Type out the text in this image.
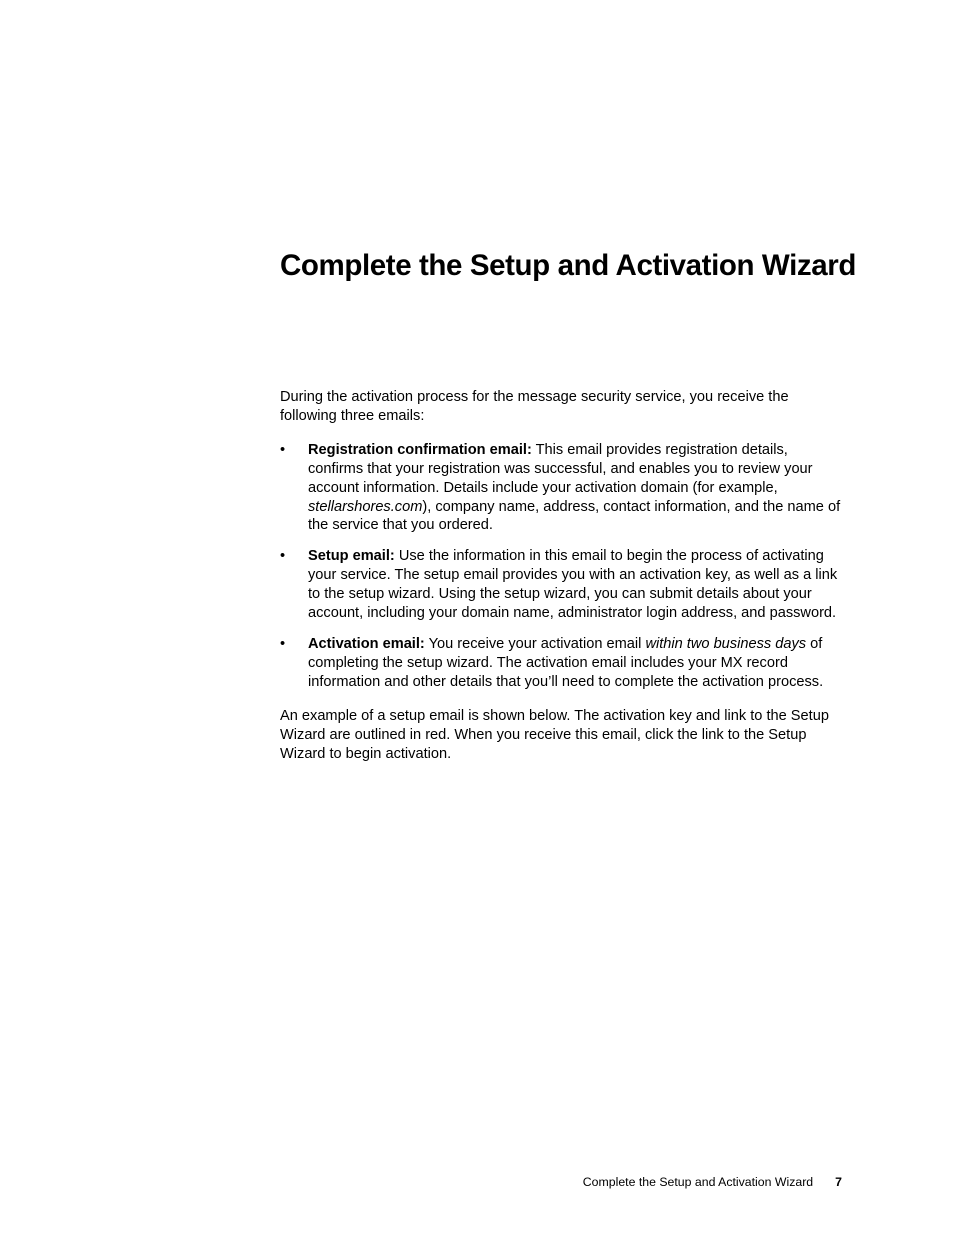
Complete the Setup and Activation Wizard

During the activation process for the message security service, you receive the following three emails:

• Registration confirmation email: This email provides registration details, confirms that your registration was successful, and enables you to review your account information. Details include your activation domain (for example, stellarshores.com), company name, address, contact information, and the name of the service that you ordered.
• Setup email: Use the information in this email to begin the process of activating your service. The setup email provides you with an activation key, as well as a link to the setup wizard. Using the setup wizard, you can submit details about your account, including your domain name, administrator login address, and password.
• Activation email: You receive your activation email within two business days of completing the setup wizard. The activation email includes your MX record information and other details that you’ll need to complete the activation process.

An example of a setup email is shown below. The activation key and link to the Setup Wizard are outlined in red. When you receive this email, click the link to the Setup Wizard to begin activation.

Complete the Setup and Activation Wizard 7
